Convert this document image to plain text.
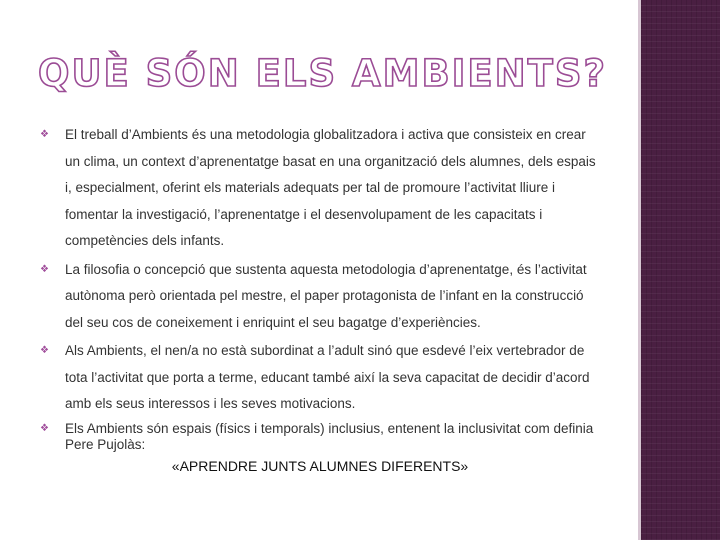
QUÈ SÓN ELS AMBIENTS?
❖ El treball d’Ambients és una metodologia globalitzadora i activa que consisteix en crear un clima, un context d’aprenentatge basat en una organització dels alumnes, dels espais i, especialment, oferint els materials adequats per tal de promoure l’activitat lliure i fomentar la investigació, l’aprenentatge i el desenvolupament de les capacitats i competències dels infants.
❖ La filosofia o concepció que sustenta aquesta metodologia d’aprenentatge, és l’activitat autònoma però orientada pel mestre, el paper protagonista de l’infant en la construcció del seu cos de coneixement i enriquint el seu bagatge d’experiències.
❖ Als Ambients, el nen/a no està subordinat a l’adult sinó que esdevé l’eix vertebrador de tota l’activitat que porta a terme, educant també així la seva capacitat de decidir d’acord amb els seus interessos i les seves motivacions.
❖ Els Ambients són espais (físics i temporals) inclusius, entenent la inclusivitat com definia Pere Pujolàs:
«APRENDRE JUNTS ALUMNES DIFERENTS»
